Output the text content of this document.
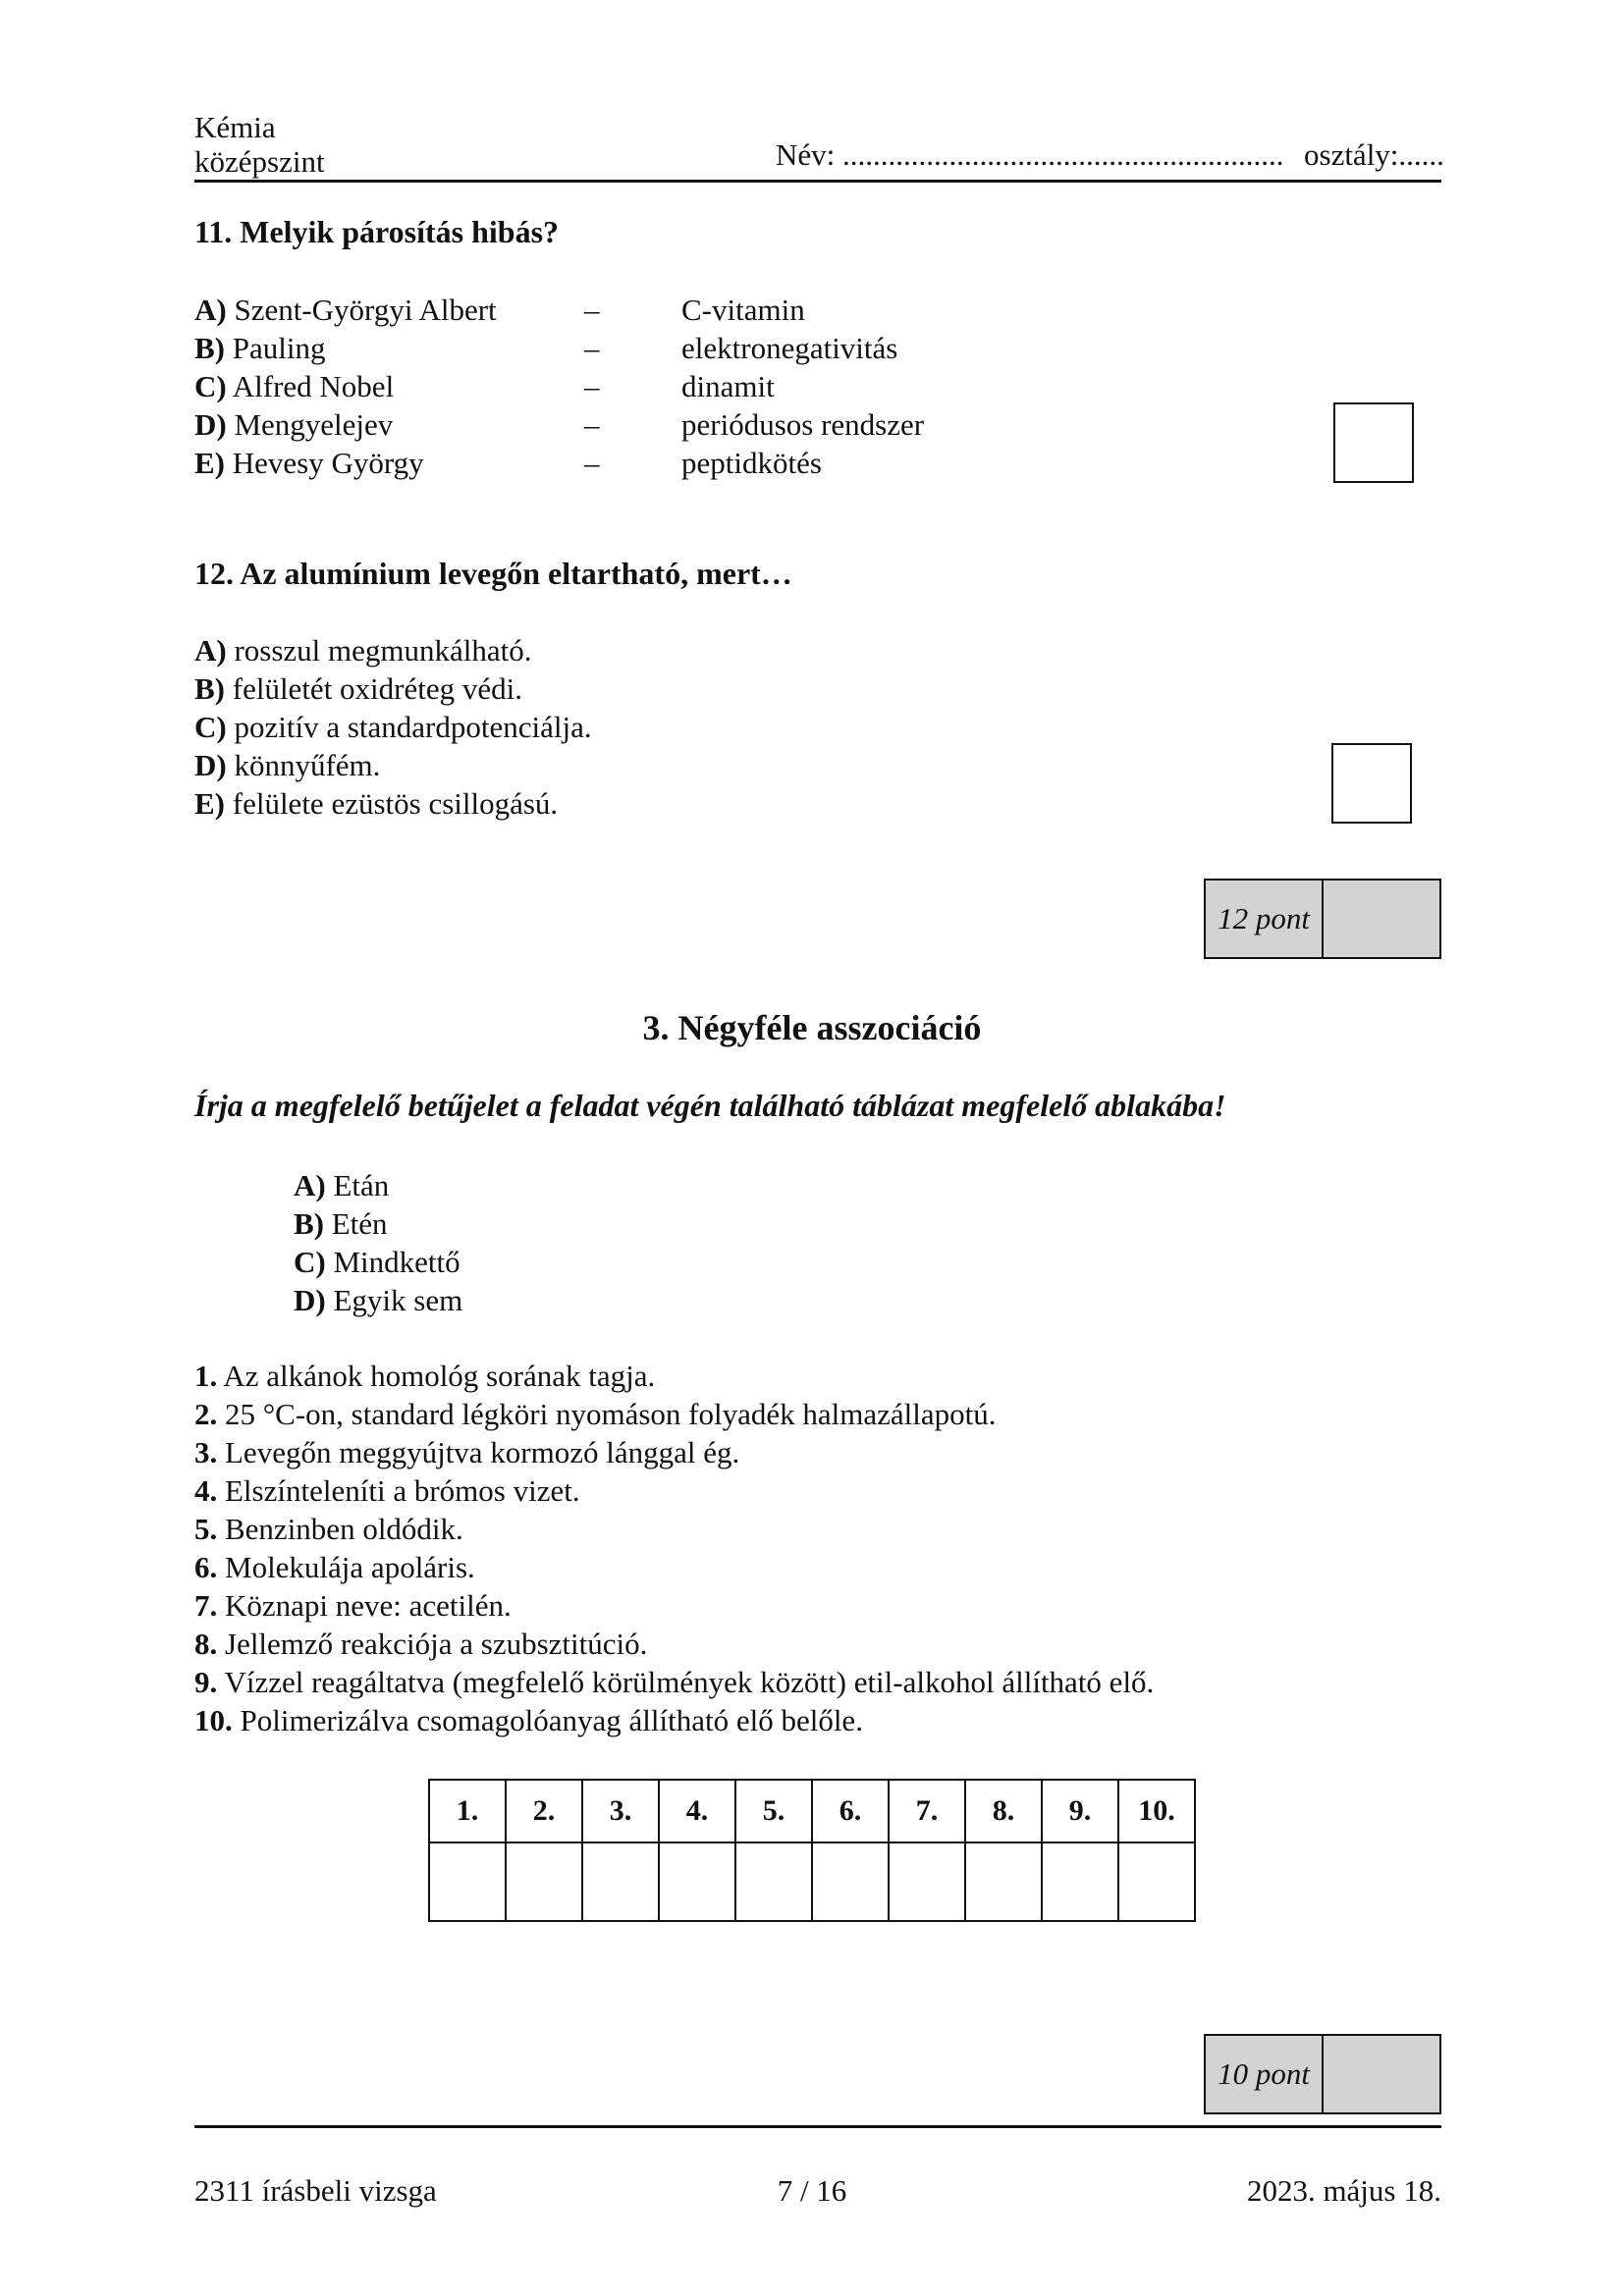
Kémia
középszint	Név: .......................................................... osztály:......
11. Melyik párosítás hibás?
A) Szent-Györgyi Albert	–	C-vitamin
B) Pauling	–	elektronegativitás
C) Alfred Nobel	–	dinamit
D) Mengyelejev	–	periódusos rendszer
E) Hevesy György	–	peptidkötés
12. Az alumínium levegőn eltartható, mert…
A) rosszul megmunkálható.
B) felületét oxidréteg védi.
C) pozitív a standardpotenciálja.
D) könnyűfém.
E) felülete ezüstös csillogású.
12 pont
3. Négyféle asszociáció
Írja a megfelelő betűjelet a feladat végén található táblázat megfelelő ablakába!
A) Etán
B) Etén
C) Mindkettő
D) Egyik sem
1. Az alkánok homológ sorának tagja.
2. 25 °C-on, standard légköri nyomáson folyadék halmazállapotú.
3. Levegőn meggyújtva kormozó lánggal ég.
4. Elszínteleníti a brómos vizet.
5. Benzinben oldódik.
6. Molekulája apoláris.
7. Köznapi neve: acetilén.
8. Jellemző reakciója a szubsztitúció.
9. Vízzel reagáltatva (megfelelő körülmények között) etil-alkohol állítható elő.
10. Polimerizálva csomagolóanyag állítható elő belőle.
1.	2.	3.	4.	5.	6.	7.	8.	9.	10.

10 pont
2311 írásbeli vizsga	7 / 16	2023. május 18.
